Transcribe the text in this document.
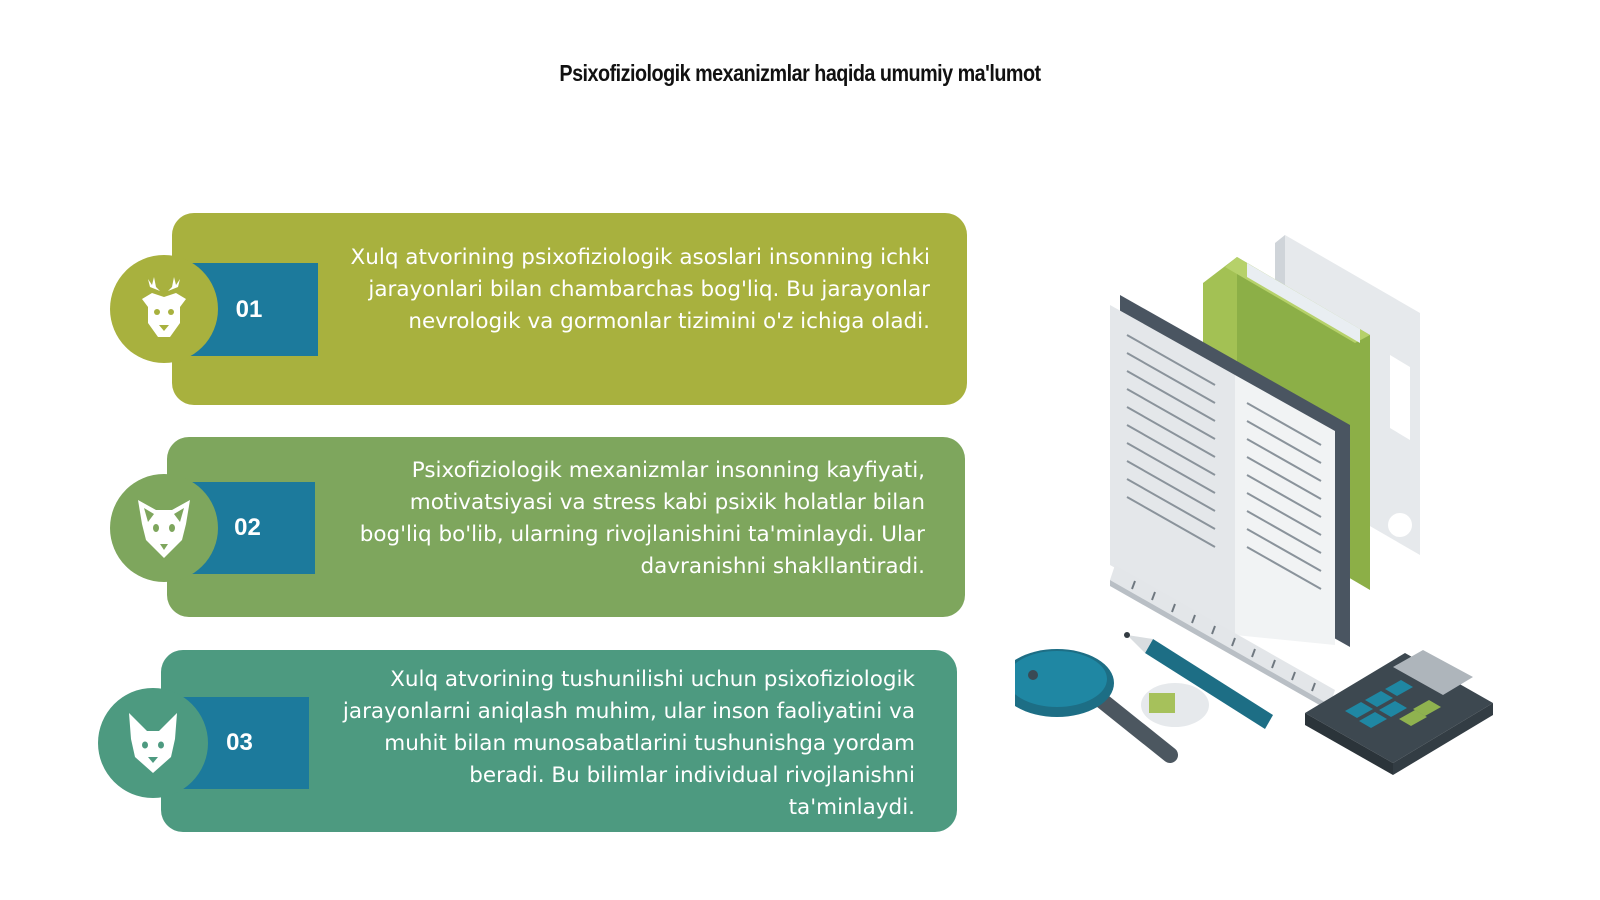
Psixofiziologik mexanizmlar haqida umumiy ma'lumot
Xulq atvorining psixofiziologik asoslari insonning ichki jarayonlari bilan chambarchas bog'liq. Bu jarayonlar nevrologik va gormonlar tizimini o'z ichiga oladi.
01
Psixofiziologik mexanizmlar insonning kayfiyati, motivatsiyasi va stress kabi psixik holatlar bilan bog'liq bo'lib, ularning rivojlanishini ta'minlaydi. Ular davranishni shakllantiradi.
02
Xulq atvorining tushunilishi uchun psixofiziologik jarayonlarni aniqlash muhim, ular inson faoliyatini va muhit bilan munosabatlarini tushunishga yordam beradi. Bu bilimlar individual rivojlanishni ta'minlaydi.
03
